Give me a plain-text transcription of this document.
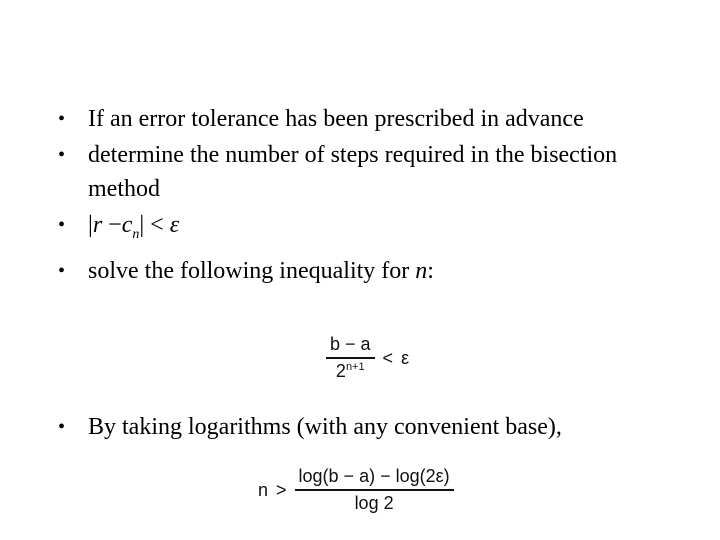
• If an error tolerance has been prescribed in advance
• determine the number of steps required in the bisection method
• $|r -c_n| < \varepsilon$
• solve the following inequality for n:
$\frac{b - a}{2^{n+1}} < \varepsilon$
• By taking logarithms (with any convenient base),
$n > \frac{\log(b - a) - \log(2\varepsilon)}{\log 2}$
